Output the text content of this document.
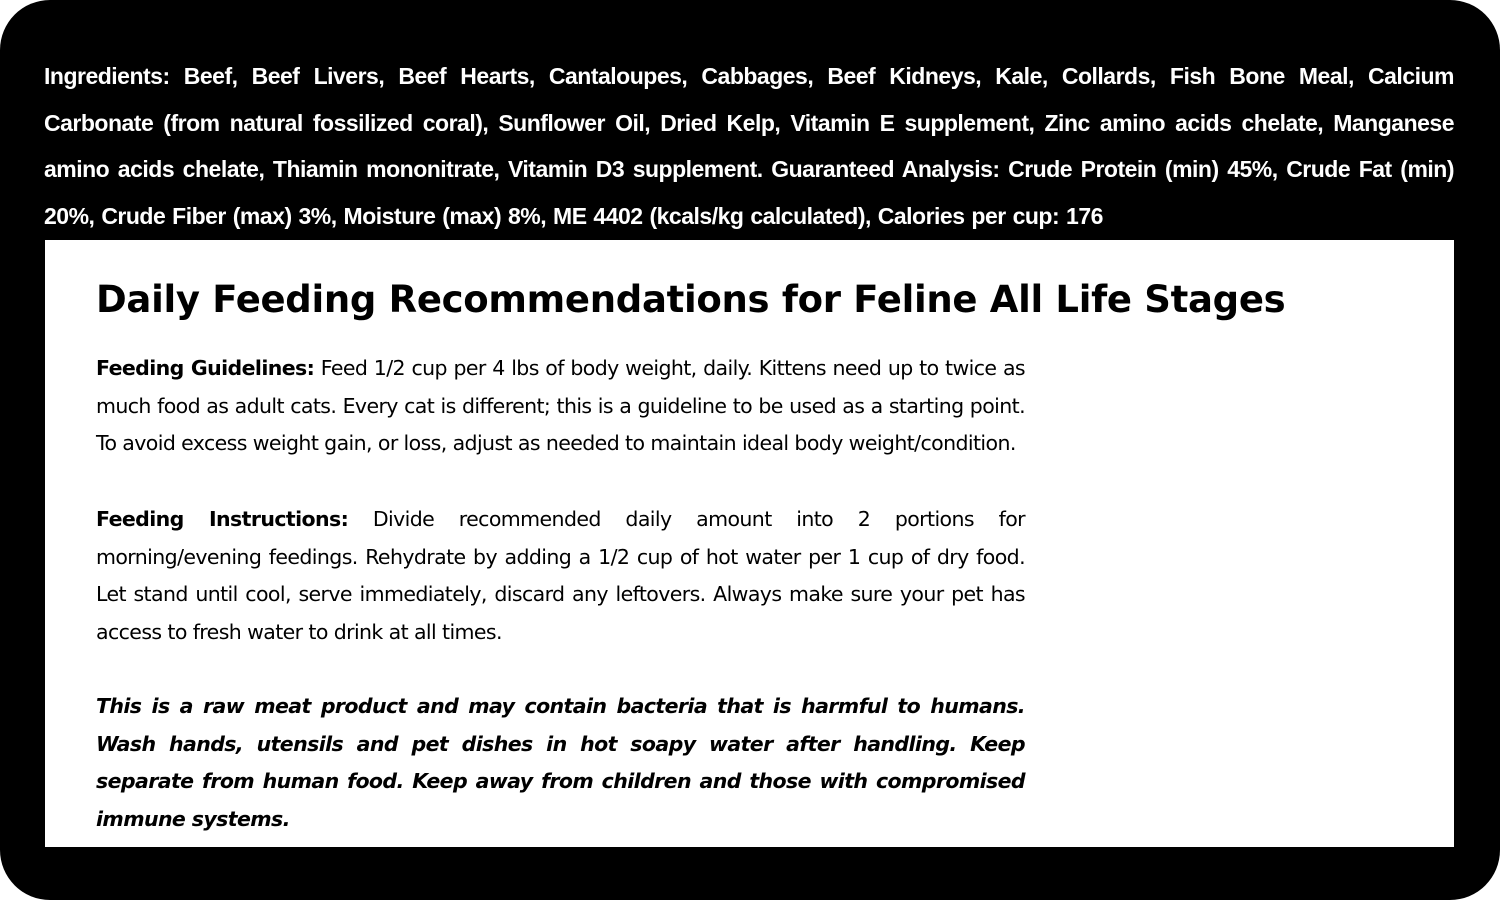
Ingredients: Beef, Beef Livers, Beef Hearts, Cantaloupes, Cabbages, Beef Kidneys, Kale, Collards, Fish Bone Meal, Calcium Carbonate (from natural fossilized coral), Sunflower Oil, Dried Kelp, Vitamin E supplement, Zinc amino acids chelate, Manganese amino acids chelate, Thiamin mononitrate, Vitamin D3 supplement. Guaranteed Analysis: Crude Protein (min) 45%, Crude Fat (min) 20%, Crude Fiber (max) 3%, Moisture (max) 8%, ME 4402 (kcals/kg calculated), Calories per cup: 176

Daily Feeding Recommendations for Feline All Life Stages

Feeding Guidelines: Feed 1/2 cup per 4 lbs of body weight, daily. Kittens need up to twice as much food as adult cats. Every cat is different; this is a guideline to be used as a starting point. To avoid excess weight gain, or loss, adjust as needed to maintain ideal body weight/condition.

Feeding Instructions: Divide recommended daily amount into 2 portions for morning/evening feedings. Rehydrate by adding a 1/2 cup of hot water per 1 cup of dry food. Let stand until cool, serve immediately, discard any leftovers. Always make sure your pet has access to fresh water to drink at all times.

This is a raw meat product and may contain bacteria that is harmful to humans. Wash hands, utensils and pet dishes in hot soapy water after handling. Keep separate from human food. Keep away from children and those with compromised immune systems.
